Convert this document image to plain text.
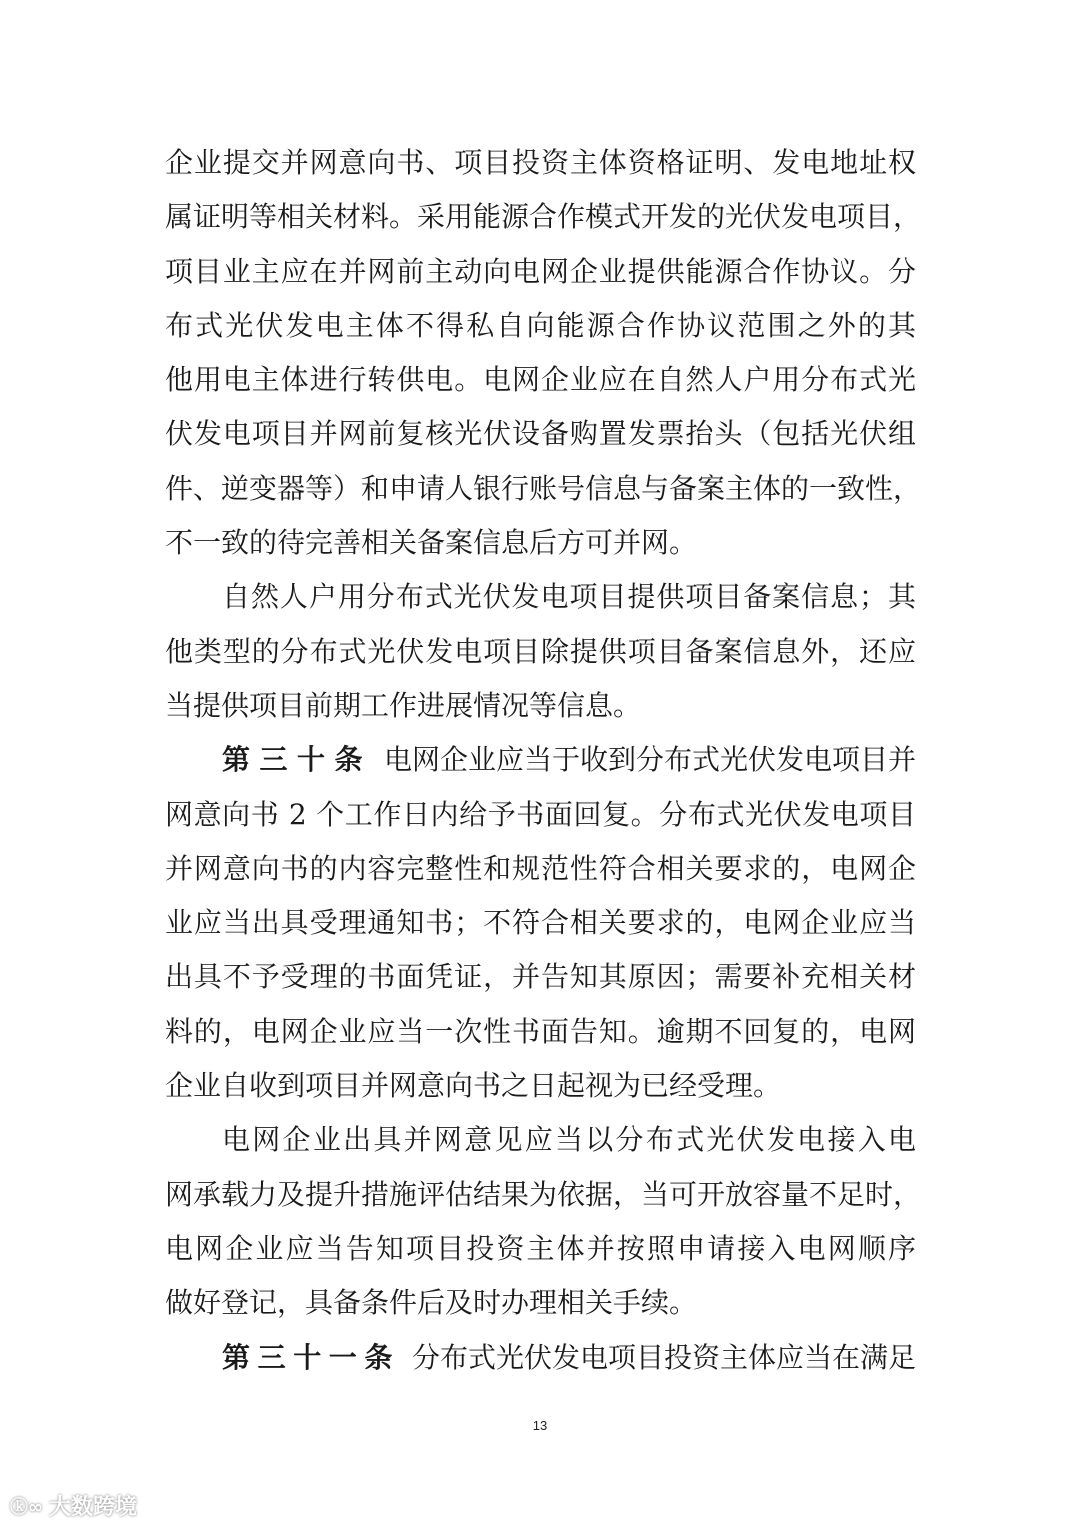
企业提交并网意向书、项目投资主体资格证明、发电地址权
属证明等相关材料。采用能源合作模式开发的光伏发电项目，
项目业主应在并网前主动向电网企业提供能源合作协议。分
布式光伏发电主体不得私自向能源合作协议范围之外的其
他用电主体进行转供电。电网企业应在自然人户用分布式光
伏发电项目并网前复核光伏设备购置发票抬头（包括光伏组
件、逆变器等）和申请人银行账号信息与备案主体的一致性，
不一致的待完善相关备案信息后方可并网。
自然人户用分布式光伏发电项目提供项目备案信息；其
他类型的分布式光伏发电项目除提供项目备案信息外，还应
当提供项目前期工作进展情况等信息。
第三十条 电网企业应当于收到分布式光伏发电项目并
网意向书 2 个工作日内给予书面回复。分布式光伏发电项目
并网意向书的内容完整性和规范性符合相关要求的，电网企
业应当出具受理通知书；不符合相关要求的，电网企业应当
出具不予受理的书面凭证，并告知其原因；需要补充相关材
料的，电网企业应当一次性书面告知。逾期不回复的，电网
企业自收到项目并网意向书之日起视为已经受理。
电网企业出具并网意见应当以分布式光伏发电接入电
网承载力及提升措施评估结果为依据，当可开放容量不足时，
电网企业应当告知项目投资主体并按照申请接入电网顺序
做好登记，具备条件后及时办理相关手续。
第三十一条 分布式光伏发电项目投资主体应当在满足
13
ⓚ∞ 大数跨境
